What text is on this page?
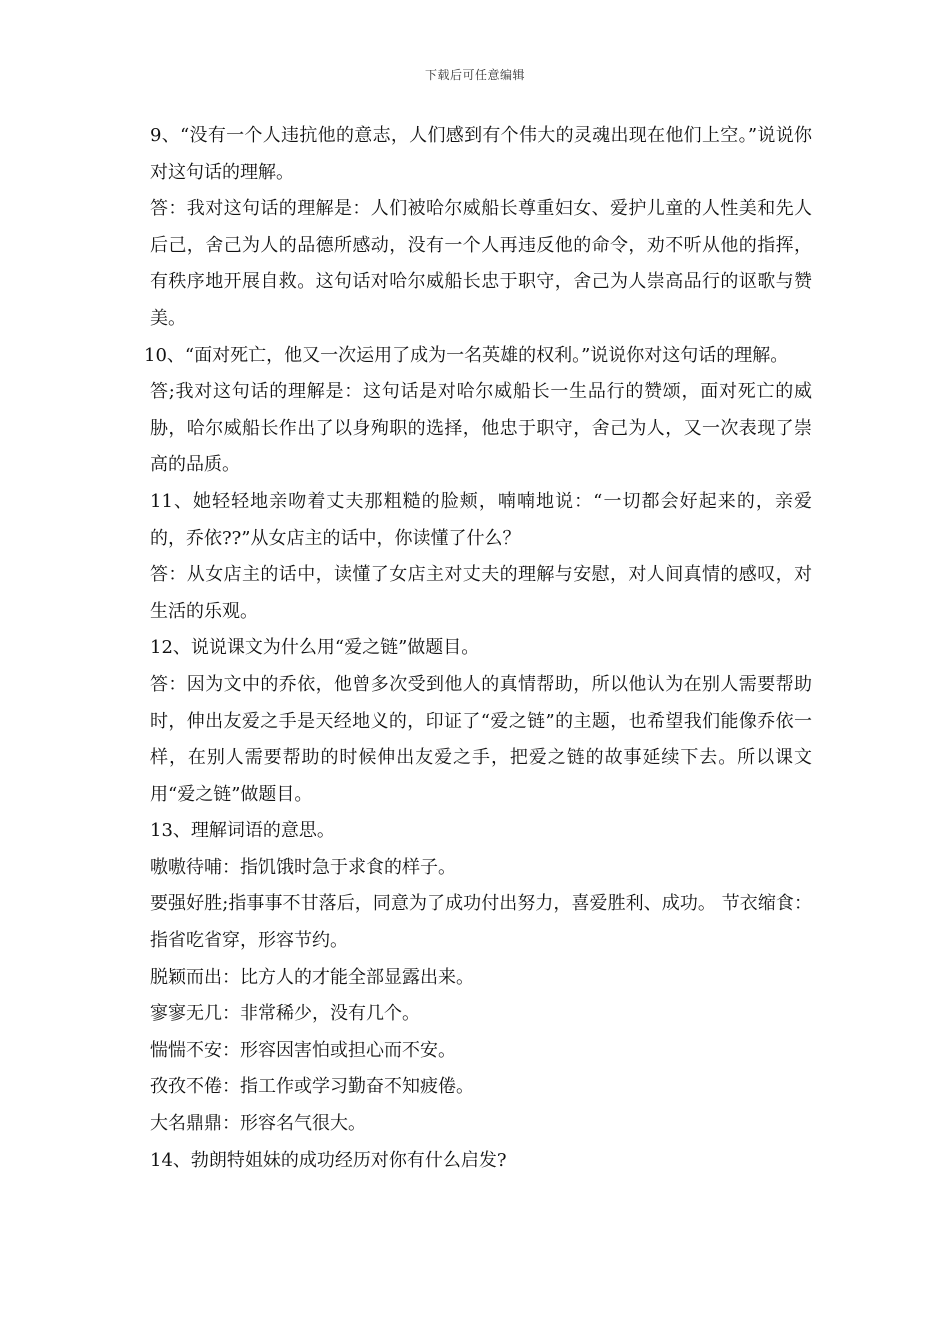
下载后可任意编辑

9、“没有一个人违抗他的意志，人们感到有个伟大的灵魂出现在他们上空。”说说你对这句话的理解。

答：我对这句话的理解是：人们被哈尔威船长尊重妇女、爱护儿童的人性美和先人后己，舍己为人的品德所感动，没有一个人再违反他的命令，劝不听从他的指挥，有秩序地开展自救。这句话对哈尔威船长忠于职守，舍己为人崇高品行的讴歌与赞美。

10、“面对死亡，他又一次运用了成为一名英雄的权利。”说说你对这句话的理解。

答;我对这句话的理解是：这句话是对哈尔威船长一生品行的赞颂，面对死亡的威胁，哈尔威船长作出了以身殉职的选择，他忠于职守，舍己为人，又一次表现了崇高的品质。

11、她轻轻地亲吻着丈夫那粗糙的脸颊，喃喃地说：“一切都会好起来的，亲爱的，乔依??”从女店主的话中，你读懂了什么？

答：从女店主的话中，读懂了女店主对丈夫的理解与安慰，对人间真情的感叹，对生活的乐观。

12、说说课文为什么用“爱之链”做题目。

答：因为文中的乔依，他曾多次受到他人的真情帮助，所以他认为在别人需要帮助时，伸出友爱之手是天经地义的，印证了“爱之链”的主题，也希望我们能像乔依一样，在别人需要帮助的时候伸出友爱之手，把爱之链的故事延续下去。所以课文用“爱之链”做题目。

13、理解词语的意思。

嗷嗷待哺：指饥饿时急于求食的样子。

要强好胜;指事事不甘落后，同意为了成功付出努力，喜爱胜利、成功。 节衣缩食：指省吃省穿，形容节约。

脱颖而出：比方人的才能全部显露出来。

寥寥无几：非常稀少，没有几个。

惴惴不安：形容因害怕或担心而不安。

孜孜不倦：指工作或学习勤奋不知疲倦。

大名鼎鼎：形容名气很大。

14、勃朗特姐妹的成功经历对你有什么启发?
